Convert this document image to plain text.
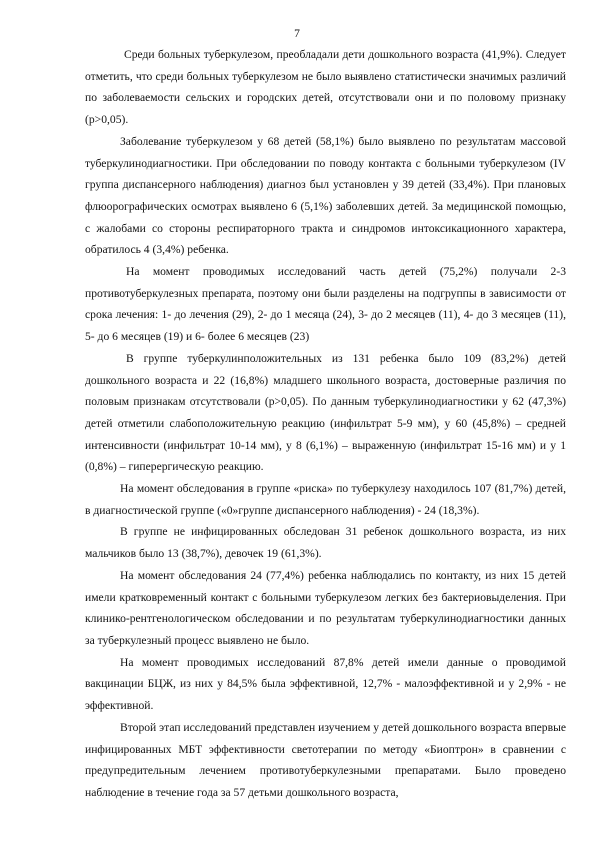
7

Среди больных туберкулезом, преобладали дети дошкольного возраста (41,9%). Следует отметить, что среди больных туберкулезом не было выявлено статистически значимых различий по заболеваемости сельских и городских детей, отсутствовали они и по половому признаку (р>0,05).

Заболевание туберкулезом у 68 детей (58,1%) было выявлено по результатам массовой туберкулинодиагностики. При обследовании по поводу контакта с больными туберкулезом (IV группа диспансерного наблюдения) диагноз был установлен у 39 детей (33,4%). При плановых флюорографических осмотрах выявлено 6 (5,1%) заболевших детей. За медицинской помощью, с жалобами со стороны респираторного тракта и синдромов интоксикационного характера, обратилось 4 (3,4%) ребенка.

На момент проводимых исследований часть детей (75,2%) получали 2-3 противотуберкулезных препарата, поэтому они были разделены на подгруппы в зависимости от срока лечения: 1- до лечения (29), 2- до 1 месяца (24), 3- до 2 месяцев (11), 4- до 3 месяцев (11), 5- до 6 месяцев (19) и 6- более 6 месяцев (23)

В группе туберкулинположительных из 131 ребенка было 109 (83,2%) детей дошкольного возраста и 22 (16,8%) младшего школьного возраста, достоверные различия по половым признакам отсутствовали (р>0,05). По данным туберкулинодиагностики у 62 (47,3%) детей отметили слабоположительную реакцию (инфильтрат 5-9 мм), у 60 (45,8%) – средней интенсивности (инфильтрат 10-14 мм), у 8 (6,1%) – выраженную (инфильтрат 15-16 мм) и у 1 (0,8%) – гиперергическую реакцию.

На момент обследования в группе «риска» по туберкулезу находилось 107 (81,7%) детей, в диагностической группе («0»группе диспансерного наблюдения) - 24 (18,3%).

В группе не инфицированных обследован 31 ребенок дошкольного возраста, из них мальчиков было 13 (38,7%), девочек 19 (61,3%).

На момент обследования 24 (77,4%) ребенка наблюдались по контакту, из них 15 детей имели кратковременный контакт с больными туберкулезом легких без бактериовыделения. При клинико-рентгенологическом обследовании и по результатам туберкулинодиагностики данных за туберкулезный процесс выявлено не было.

На момент проводимых исследований 87,8% детей имели данные о проводимой вакцинации БЦЖ, из них у 84,5% была эффективной, 12,7% - малоэффективной и у 2,9% - не эффективной.

Второй этап исследований представлен изучением у детей дошкольного возраста впервые инфицированных МБТ эффективности светотерапии по методу «Биоптрон» в сравнении с предупредительным лечением противотуберкулезными препаратами. Было проведено наблюдение в течение года за 57 детьми дошкольного возраста,
